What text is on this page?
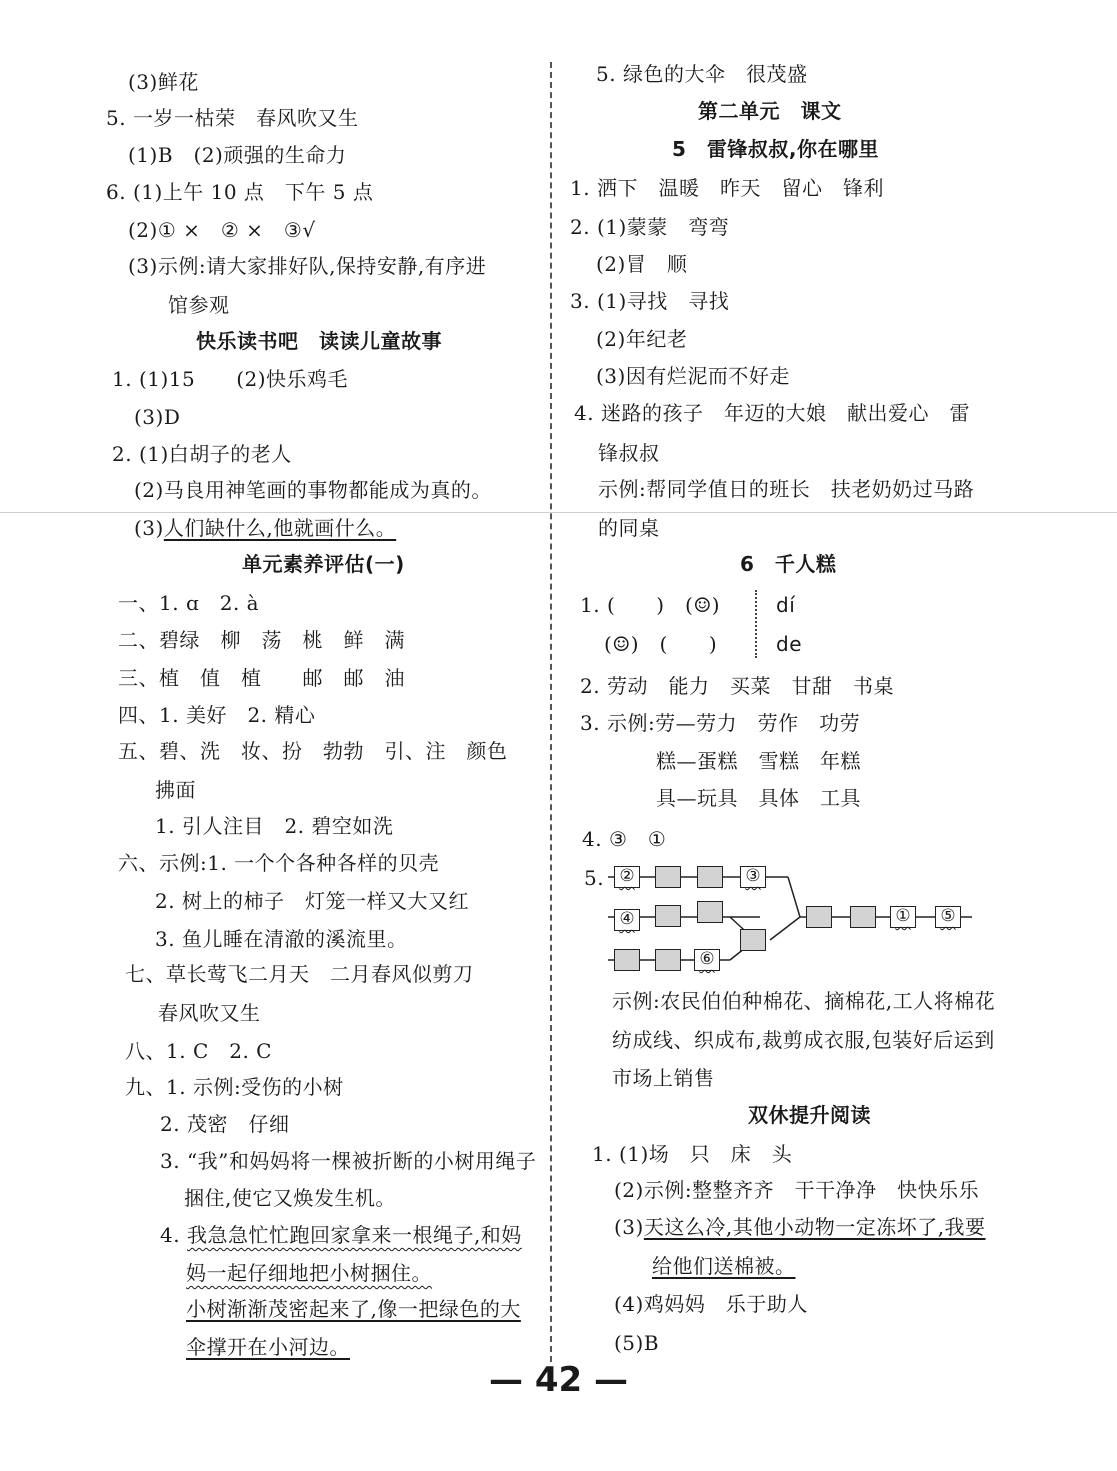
(3)鲜花
5. 一岁一枯荣　春风吹又生
(1)B　(2)顽强的生命力
6. (1)上午 10 点　下午 5 点
(2)① ×　② ×　③√
(3)示例:请大家排好队,保持安静,有序进
馆参观
快乐读书吧　读读儿童故事
1. (1)15　　(2)快乐鸡毛
(3)D
2. (1)白胡子的老人
(2)马良用神笔画的事物都能成为真的。
(3)人们缺什么,他就画什么。
单元素养评估(一)
一、1. ɑ　2. à
二、碧绿　柳　荡　桃　鲜　满
三、植　值　植　　邮　邮　油
四、1. 美好　2. 精心
五、碧、洗　妆、扮　勃勃　引、注　颜色
拂面
1. 引人注目　2. 碧空如洗
六、示例:1. 一个个各种各样的贝壳
2. 树上的柿子　灯笼一样又大又红
3. 鱼儿睡在清澈的溪流里。
七、草长莺飞二月天　二月春风似剪刀
春风吹又生
八、1. C　2. C
九、1. 示例:受伤的小树
2. 茂密　仔细
3. “我”和妈妈将一棵被折断的小树用绳子
捆住,使它又焕发生机。
4. 我急急忙忙跑回家拿来一根绳子,和妈
妈一起仔细地把小树捆住。
小树渐渐茂密起来了,像一把绿色的大
伞撑开在小河边。
5. 绿色的大伞　很茂盛
第二单元　课文
5　雷锋叔叔,你在哪里
1. 洒下　温暖　昨天　留心　锋利
2. (1)蒙蒙　弯弯
(2)冒　顺
3. (1)寻找　寻找
(2)年纪老
(3)因有烂泥而不好走
4. 迷路的孩子　年迈的大娘　献出爱心　雷
锋叔叔
示例:帮同学值日的班长　扶老奶奶过马路
的同桌
6　千人糕
1. (　　)　(☺)	dí
(☺)　(　　)	de
2. 劳动　能力　买菜　甘甜　书桌
3. 示例:劳—劳力　劳作　功劳
糕—蛋糕　雪糕　年糕
具—玩具　具体　工具
4. ③　①
5. ②	③
④	①	⑤
⑥
示例:农民伯伯种棉花、摘棉花,工人将棉花
纺成线、织成布,裁剪成衣服,包装好后运到
市场上销售
双休提升阅读
1. (1)场　只　床　头
(2)示例:整整齐齐　干干净净　快快乐乐
(3)天这么冷,其他小动物一定冻坏了,我要
给他们送棉被。
(4)鸡妈妈　乐于助人
(5)B
— 42 —
